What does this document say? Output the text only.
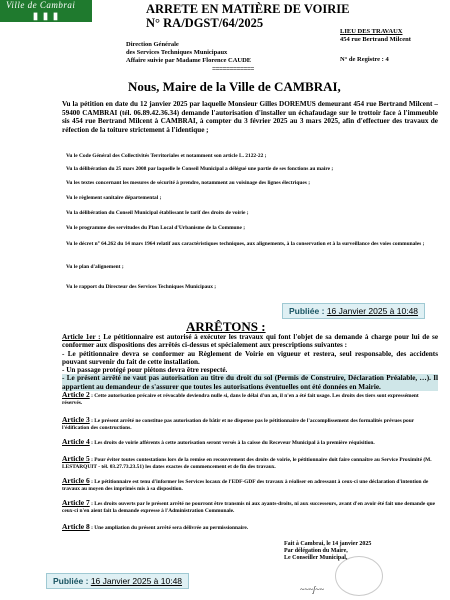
Ville de Cambrai
▮ ▮ ▮
ARRETE EN MATIÈRE DE VOIRIE
N° RA/DGST/64/2025
LIEU DES TRAVAUX
454 rue Bertrand Milcent
Direction Générale
des Services Techniques Municipaux
Affaire suivie par Madame Florence CAUDE	N° de Registre : 4
============
Nous, Maire de la Ville de CAMBRAI,
Vu la pétition en date du 12 janvier 2025 par laquelle Monsieur Gilles DOREMUS demeurant 454 rue Bertrand Milcent – 59400 CAMBRAI (tél. 06.89.42.36.34) demande l'autorisation d'installer un échafaudage sur le trottoir face à l'immeuble sis 454 rue Bertrand Milcent à CAMBRAI, à compter du 3 février 2025 au 3 mars 2025, afin d'effectuer des travaux de réfection de la toiture strictement à l'identique ;
Vu le Code Général des Collectivités Territoriales et notamment son article L. 2122-22 ;
Vu la délibération du 25 mars 2008 par laquelle le Conseil Municipal a délégué une partie de ses fonctions au maire ;
Vu les textes concernant les mesures de sécurité à prendre, notamment au voisinage des lignes électriques ;
Vu le règlement sanitaire départemental ;
Vu la délibération du Conseil Municipal établissant le tarif des droits de voirie ;
Vu le programme des servitudes du Plan Local d'Urbanisme de la Commune ;
Vu le décret n° 64.262 du 14 mars 1964 relatif aux caractéristiques techniques, aux alignements, à la conservation et à la surveillance des voies communales ;
Vu le plan d'alignement ;
Vu le rapport du Directeur des Services Techniques Municipaux ;
Publiée : 16 Janvier 2025 à 10:48
ARRÊTONS :
Article 1er : Le pétitionnaire est autorisé à exécuter les travaux qui font l'objet de sa demande à charge pour lui de se conformer aux dispositions des arrêtés ci-dessus et spécialement aux prescriptions suivantes :
- Le pétitionnaire devra se conformer au Règlement de Voirie en vigueur et restera, seul responsable, des accidents pouvant survenir du fait de cette installation.
- Un passage protégé pour piétons devra être respecté.
- Le présent arrêté ne vaut pas autorisation au titre du droit du sol (Permis de Construire, Déclaration Préalable, …). Il appartient au demandeur de s'assurer que toutes les autorisations éventuelles ont été données en Mairie.
Article 2 : Cette autorisation précaire et révocable deviendra nulle si, dans le délai d'un an, il n'en a été fait usage. Les droits des tiers sont expressément réservés.
Article 3 : Le présent arrêté ne constitue pas autorisation de bâtir et ne dispense pas le pétitionnaire de l'accomplissement des formalités prévues pour l'édification des constructions.
Article 4 : Les droits de voirie afférents à cette autorisation seront versés à la caisse du Receveur Municipal à la première réquisition.
Article 5 : Pour éviter toutes contestations lors de la remise en recouvrement des droits de voirie, le pétitionnaire doit faire connaître au Service Proximité (M. LESTARQUIT - tél. 03.27.73.23.51) les dates exactes de commencement et de fin des travaux.
Article 6 : Le pétitionnaire est tenu d'informer les Services locaux de l'EDF-GDF des travaux à réaliser en adressant à ceux-ci une déclaration d'intention de travaux au moyen des imprimés mis à sa disposition.
Article 7 : Les droits ouverts par le présent arrêté ne pourront être transmis ni aux ayants-droits, ni aux successeurs, avant d'en avoir été fait une demande que ceux-ci n'en aient fait la demande expresse à l'Administration Communale.
Article 8 : Une ampliation du présent arrêté sera délivrée au permissionnaire.
Fait à Cambrai, le 14 janvier 2025
Par délégation du Maire,
Le Conseiller Municipal,
~~~ʃ~~
Publiée : 16 Janvier 2025 à 10:48
